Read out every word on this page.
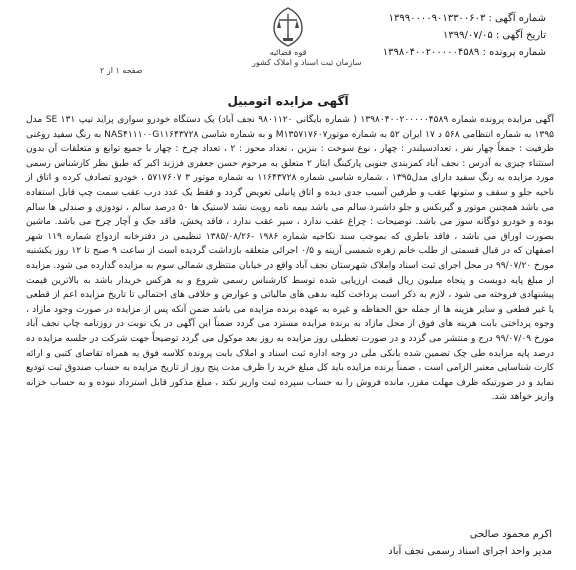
قوه قضائیه
سازمان ثبت اسناد و املاک کشور
شماره آگهی : ۱۳۹۹۰۰۰۰۹۰۱۳۳۰۰۶۰۳
تاریخ آگهی : ۱۳۹۹/۰۷/۰۵
شماره پرونده : ۱۳۹۸۰۴۰۰۲۰۰۰۰۰۴۵۸۹
صفحه ۱ از ۲
آگهی مزایده اتومبیل
آگهی مزایده پرونده شماره ۱۳۹۸۰۴۰۰۲۰۰۰۰۰۴۵۸۹ ( شماره بایگانی ۹۸۰۱۱۲۰ نجف آباد) یک دستگاه خودرو سواری پراید تیپ SE ۱۳۱ مدل ۱۳۹۵ به شماره انتظامی ۵۶۸ د ۱۷ ایران ۵۲ به شماره موتورM۱۳۵۷۱۷۶۰۷ و به شماره شاسی NAS۴۱۱۱۰۰G۱۱۶۴۳۷۲۸ به رنگ سفید روغنی ظرفیت : جمعاً چهار نفر ، تعدادسیلندر : چهار ، نوع سوخت : بنزین ، تعداد محور : ۲ ، تعداد چرخ : چهار با جمیع توابع و متعلقات آن بدون استثناء چیزی به آدرس : نجف آباد کمربندی جنوبی پارکینگ ایثار ۲ متعلق به مرحوم حسن جعفری فرزند اکبر که طبق نظر کارشناس رسمی مورد مزایده به رنگ سفید دارای مدل۱۳۹۵ ، شماره شاسی شماره ۱۱۶۴۳۷۲۸ به شماره موتور ۳ ۵۷۱۷۶۰۷ ، خودرو تصادف کرده و اتاق از ناحیه جلو و سقف و ستونها عقب و طرفین آسیب جدی دیده و اتاق پانیلی تعویض گردد و فقط یک عدد درب عقب سمت چپ قابل استفاده می باشد همچنین موتور و گیربکس و جلو داشبرد سالم می باشد بیمه نامه رویت نشد لاستیک ها ۵۰ درصد سالم ، تودوزی و صندلی ها سالم بوده و خودرو دوگانه سوز می باشد. توضیحات : چراغ عقب ندارد ، سپر عقب ندارد ، فاقد پخش، فاقد جک و آچار چرخ می باشد. ماشین بصورت اوراق می باشد ، فاقد باطری که بموجب سند نکاحیه شماره ۱۹۸۶ -۱۳۸۵/۰۸/۲۶ تنظیمی در دفترخانه ازدواج شماره ۱۱۹ شهر اصفهان که در قبال قسمتی از طلب خانم زهره شمسی آزینه و ۰/۵ اجرائی متعلقه بازداشت گردیده است از ساعت ۹ صبح تا ۱۲ روز یکشنبه مورخ ۹۹/۰۷/۲۰ در محل اجرای ثبت اسناد واملاک شهرستان نجف آباد واقع در خیابان منتظری شمالی سوم به مزایده گذارده می شود. مزایده از مبلغ پایه دویست و پنجاه میلیون ریال قیمت ارزیابی شده توسط کارشناس رسمی شروع و به هرکس خریدار باشد به بالاترین قیمت پیشنهادی فروخته می شود ، لازم به ذکر است پرداخت کلیه بدهی های مالیاتی و عوارض و خلافی های احتمالی تا تاریخ مزایده اعم از قطعی یا غیر قطعی و سایر هزینه ها از جمله حق الحفاظه و غیره به عهده برنده مزایده می باشد ضمن آنکه پس از مزایده در صورت وجود مازاد ، وجوه پرداختی بابت هزینه های فوق از محل مازاد به برنده مزایده مسترد می گردد ضمناً این آگهی در یک نوبت در روزنامه چاپ نجف آباد مورخ ۹۹/۰۷/۰۹ درج و منتشر می گردد و در صورت تعطیلی روز مزایده به روز بعد موکول می گردد توضیحاً جهت شرکت در جلسه مزایده ده درصد پایه مزایده طی چک تضمین شده بانکی ملی در وجه اداره ثبت اسناد و املاک بابت پرونده کلاسه فوق به همراه تقاضای کتبی و ارائه کارت شناسایی معتبر الزامی است ، ضمناً برنده مزایده باید کل مبلغ خرید را ظرف مدت پنج روز از تاریخ مزایده به حساب صندوق ثبت تودیع نماید و در صورتیکه ظرف مهلت مقرر، مانده فروش را به حساب سپرده ثبت واریز نکند ، مبلغ مذکور قابل استرداد نبوده و به حساب خزانه واریز خواهد شد.
اکرم محمود صالحی
مدیر واحد اجرای اسناد رسمی نجف آباد
